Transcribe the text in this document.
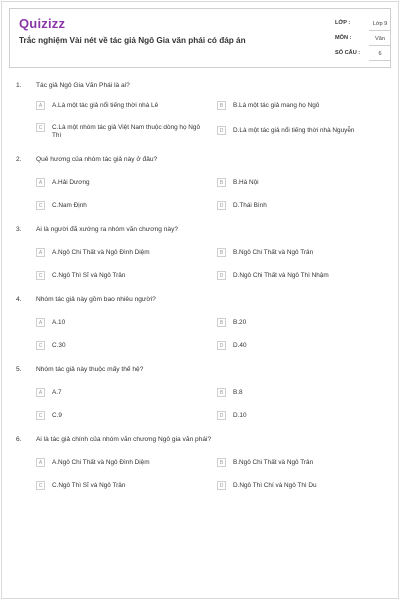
Quizizz
Trắc nghiệm Vài nét về tác giả Ngô Gia văn phái có đáp án
LỚP :	Lớp 9
MÔN :	Văn
SỐ CÂU :	6
1. Tác giả Ngô Gia Văn Phái là ai?
A	A.Là một tác giả nổi tiếng thời nhà Lê	B	B.Là một tác giả mang họ Ngô
C	C.Là một nhóm tác giả Việt Nam thuộc dòng họ Ngô Thì
D	D.Là một tác giả nổi tiếng thời nhà Nguyễn
2. Quê hương của nhóm tác giả này ở đâu?
A	A.Hải Dương	B	B.Hà Nội
C	C.Nam Định	D	D.Thái Bình
3. Ai là người đã xướng ra nhóm văn chương này?
A	A.Ngô Chi Thất và Ngô Đình Diệm	B	B.Ngô Chi Thất và Ngô Trân
C	C.Ngô Thì Sĩ và Ngô Trân	D	D.Ngô Chi Thất và Ngô Thì Nhậm
4. Nhóm tác giả này gồm bao nhiêu người?
A	A.10	B	B.20
C	C.30	D	D.40
5. Nhóm tác giả này thuộc mấy thế hệ?
A	A.7	B	B.8
C	C.9	D	D.10
6. Ai là tác giả chính của nhóm văn chương Ngô gia văn phái?
A	A.Ngô Chi Thất và Ngô Đình Diệm	B	B.Ngô Chi Thất và Ngô Trân
C	C.Ngô Thì Sĩ và Ngô Trân	D	D.Ngô Thì Chí và Ngô Thì Du
